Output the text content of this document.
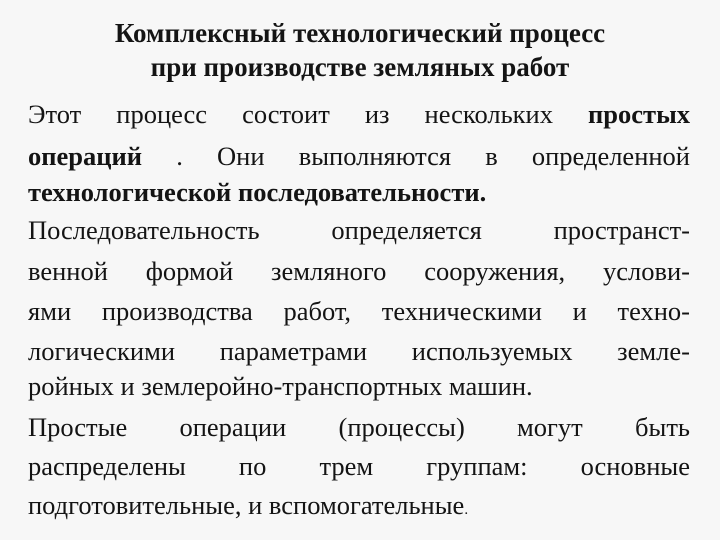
Комплексный технологический процесс
при производстве земляных работ
Этот процесс состоит из нескольких простых
операций . Они выполняются в определенной
технологической последовательности.
Последовательность определяется пространст-
венной формой земляного сооружения, услови-
ями производства работ, техническими и техно-
логическими параметрами используемых земле-
ройных и землеройно-транспортных машин.
Простые операции (процессы) могут быть
распределены по трем группам: основные
подготовительные, и вспомогательные.
